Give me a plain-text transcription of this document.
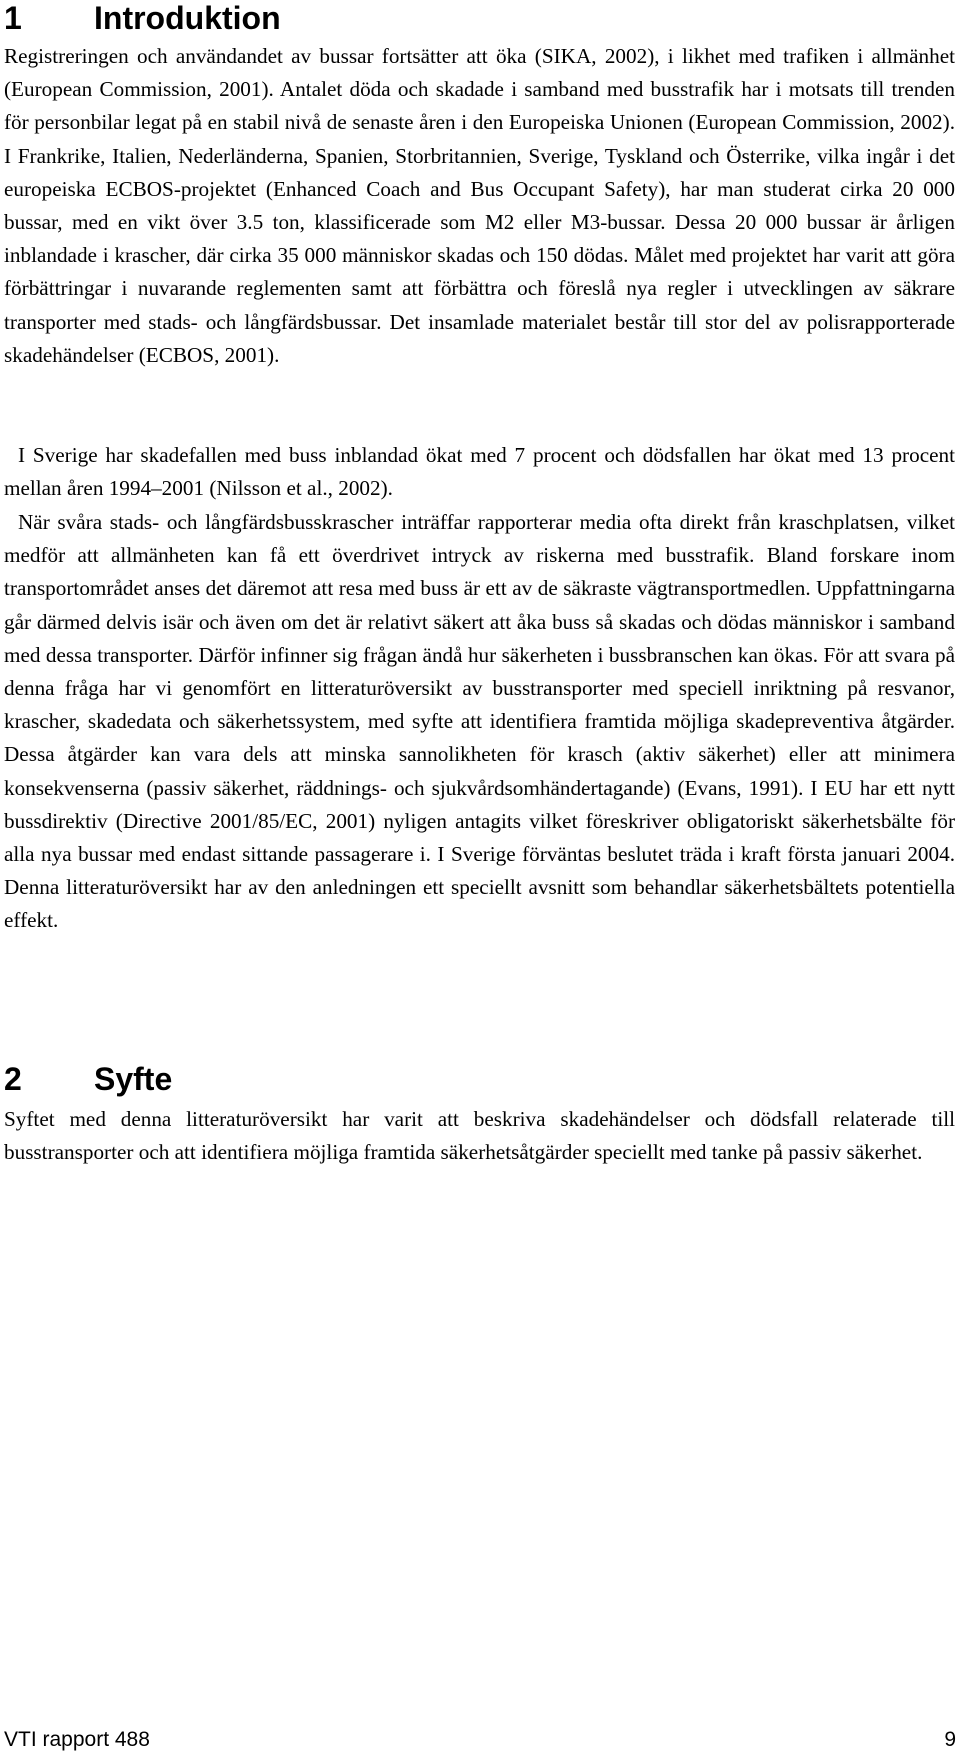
1 Introduktion

Registreringen och användandet av bussar fortsätter att öka (SIKA, 2002), i likhet med trafiken i allmänhet (European Commission, 2001). Antalet döda och skadade i samband med busstrafik har i motsats till trenden för personbilar legat på en stabil nivå de senaste åren i den Europeiska Unionen (European Commission, 2002). I Frankrike, Italien, Nederländerna, Spanien, Storbritannien, Sverige, Tyskland och Österrike, vilka ingår i det europeiska ECBOS-projektet (Enhanced Coach and Bus Occupant Safety), har man studerat cirka 20 000 bussar, med en vikt över 3.5 ton, klassificerade som M2 eller M3-bussar. Dessa 20 000 bussar är årligen inblandade i krascher, där cirka 35 000 människor skadas och 150 dödas. Målet med projektet har varit att göra förbättringar i nuvarande reglementen samt att förbättra och föreslå nya regler i utvecklingen av säkrare transporter med stads- och långfärdsbussar. Det insamlade materialet består till stor del av polisrapporterade skadehändelser (ECBOS, 2001).

I Sverige har skadefallen med buss inblandad ökat med 7 procent och dödsfallen har ökat med 13 procent mellan åren 1994–2001 (Nilsson et al., 2002).

När svåra stads- och långfärdsbusskrascher inträffar rapporterar media ofta direkt från kraschplatsen, vilket medför att allmänheten kan få ett överdrivet intryck av riskerna med busstrafik. Bland forskare inom transportområdet anses det däremot att resa med buss är ett av de säkraste vägtransportmedlen. Uppfattningarna går därmed delvis isär och även om det är relativt säkert att åka buss så skadas och dödas människor i samband med dessa transporter. Därför infinner sig frågan ändå hur säkerheten i bussbranschen kan ökas. För att svara på denna fråga har vi genomfört en litteraturöversikt av busstransporter med speciell inriktning på resvanor, krascher, skadedata och säkerhetssystem, med syfte att identifiera framtida möjliga skadepreventiva åtgärder. Dessa åtgärder kan vara dels att minska sannolikheten för krasch (aktiv säkerhet) eller att minimera konsekvenserna (passiv säkerhet, räddnings- och sjukvårdsomhändertagande) (Evans, 1991). I EU har ett nytt bussdirektiv (Directive 2001/85/EC, 2001) nyligen antagits vilket föreskriver obligatoriskt säkerhetsbälte för alla nya bussar med endast sittande passagerare i. I Sverige förväntas beslutet träda i kraft första januari 2004. Denna litteraturöversikt har av den anledningen ett speciellt avsnitt som behandlar säkerhetsbältets potentiella effekt.

2 Syfte

Syftet med denna litteraturöversikt har varit att beskriva skadehändelser och dödsfall relaterade till busstransporter och att identifiera möjliga framtida säkerhetsåtgärder speciellt med tanke på passiv säkerhet.

VTI rapport 488	9
